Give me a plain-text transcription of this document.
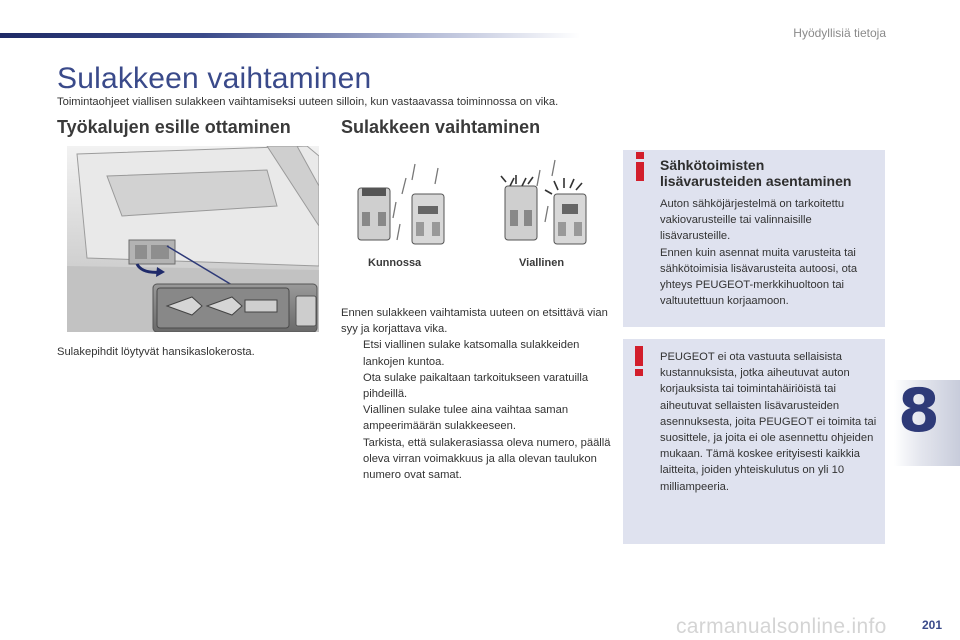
Hyödyllisiä tietoja
Sulakkeen vaihtaminen

Toimintaohjeet viallisen sulakkeen vaihtamiseksi uuteen silloin, kun vastaavassa toiminnossa on vika.

Työkalujen esille ottaminen	Sulakkeen vaihtaminen

Sulakepihdit löytyvät hansikaslokerosta.

Kunnossa	Viallinen

Ennen sulakkeen vaihtamista uuteen on etsittävä vian syy ja korjattava vika.

Etsi viallinen sulake katsomalla sulakkeiden lankojen kuntoa.
Ota sulake paikaltaan tarkoitukseen varatuilla pihdeillä.
Viallinen sulake tulee aina vaihtaa saman ampeerimäärän sulakkeeseen.
Tarkista, että sulakerasiassa oleva numero, päällä oleva virran voimakkuus ja alla olevan taulukon numero ovat samat.
Sähkötoimisten
lisävarusteiden asentaminen

Auton sähköjärjestelmä on tarkoitettu vakiovarusteille tai valinnaisille lisävarusteille.

Ennen kuin asennat muita varusteita tai sähkötoimisia lisävarusteita autoosi, ota yhteys PEUGEOT-merkkihuoltoon tai valtuutettuun korjaamoon.

PEUGEOT ei ota vastuuta sellaisista kustannuksista, jotka aiheutuvat auton korjauksista tai toimintahäiriöistä tai aiheutuvat sellaisten lisävarusteiden asennuksesta, joita PEUGEOT ei toimita tai suosittele, ja joita ei ole asennettu ohjeiden mukaan. Tämä koskee erityisesti kaikkia laitteita, joiden yhteiskulutus on yli 10 milliampeeria.

8
carmanualsonline.info	201
